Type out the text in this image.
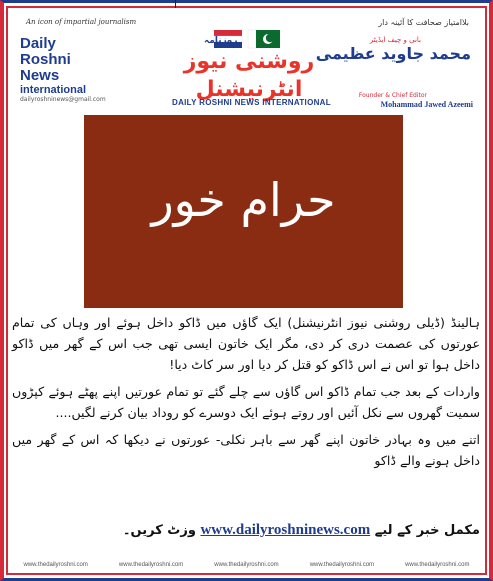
An icon of impartial journalism
Daily
Roshni News
international
dailyroshninews@gmail.com
روزنامہ
روشنی نیوز انٹرنیشنل
DAILY ROSHNI NEWS INTERNATIONAL
بلاامتیاز صحافت کا آئینہ دار
بانی و چیف ایڈیٹر
محمد جاوید عظیمی
Founder & Chief Editor
Mohammad Jawed Azeemi
حرام خور

ہالینڈ (ڈیلی روشنی نیوز انٹرنیشنل) ایک گاؤں میں ڈاکو داخل ہوئے اور وہاں کی تمام عورتوں کی عصمت دری کر دی، مگر ایک خاتون ایسی تھی جب اس کے گھر میں ڈاکو داخل ہوا تو اس نے اس ڈاکو کو قتل کر دیا اور سر کاٹ دیا!

واردات کے بعد جب تمام ڈاکو اس گاؤں سے چلے گئے تو تمام عورتیں اپنے پھٹے ہوئے کپڑوں سمیت گھروں سے نکل آئیں اور روتے ہوئے ایک دوسرے کو روداد بیان کرنے لگیں....

اتنے میں وہ بہادر خاتون اپنے گھر سے باہر نکلی- عورتوں نے دیکھا کہ اس کے گھر میں داخل ہونے والے ڈاکو

مکمل خبر کے لیے www.dailyroshninews.com وزٹ کریں۔
www.thedailyroshni.com	www.thedailyroshni.com	www.thedailyroshni.com	www.thedailyroshni.com	www.thedailyroshni.com
